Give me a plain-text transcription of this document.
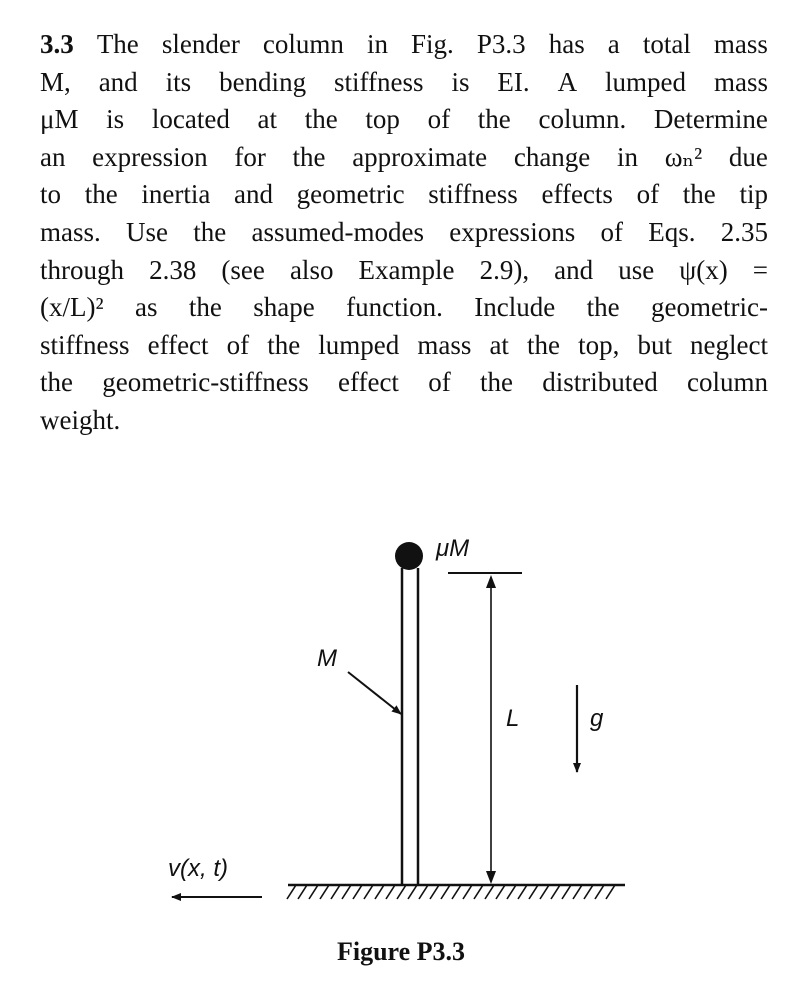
3.3 The slender column in Fig. P3.3 has a total mass
M, and its bending stiffness is EI. A lumped mass
μM is located at the top of the column. Determine
an expression for the approximate change in ωₙ² due
to the inertia and geometric stiffness effects of the tip
mass. Use the assumed-modes expressions of Eqs. 2.35
through 2.38 (see also Example 2.9), and use ψ(x) =
(x/L)² as the shape function. Include the geometric-
stiffness effect of the lumped mass at the top, but neglect
the geometric-stiffness effect of the distributed column
weight.
μM
M
L	g
v(x, t)
Figure P3.3
